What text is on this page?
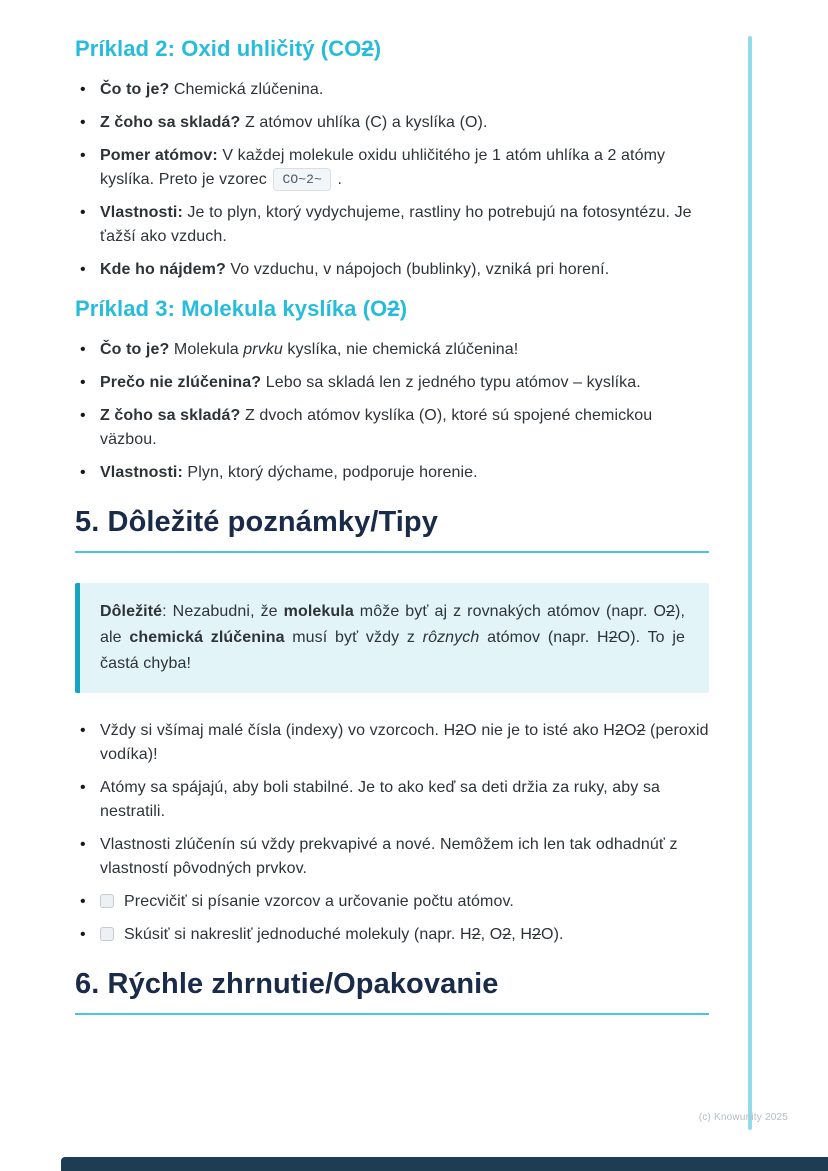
Príklad 2: Oxid uhličitý (CO2)
• Čo to je? Chemická zlúčenina.
• Z čoho sa skladá? Z atómov uhlíka (C) a kyslíka (O).
• Pomer atómov: V každej molekule oxidu uhličitého je 1 atóm uhlíka a 2 atómy kyslíka. Preto je vzorec CO~2~ .
• Vlastnosti: Je to plyn, ktorý vydychujeme, rastliny ho potrebujú na fotosyntézu. Je ťažší ako vzduch.
• Kde ho nájdem? Vo vzduchu, v nápojoch (bublinky), vzniká pri horení.
Príklad 3: Molekula kyslíka (O2)
• Čo to je? Molekula prvku kyslíka, nie chemická zlúčenina!
• Prečo nie zlúčenina? Lebo sa skladá len z jedného typu atómov – kyslíka.
• Z čoho sa skladá? Z dvoch atómov kyslíka (O), ktoré sú spojené chemickou väzbou.
• Vlastnosti: Plyn, ktorý dýchame, podporuje horenie.
5. Dôležité poznámky/Tipy

Dôležité: Nezabudni, že molekula môže byť aj z rovnakých atómov (napr. O2), ale chemická zlúčenina musí byť vždy z rôznych atómov (napr. H2O). To je častá chyba!

• Vždy si všímaj malé čísla (indexy) vo vzorcoch. H2O nie je to isté ako H2O2 (peroxid vodíka)!
• Atómy sa spájajú, aby boli stabilné. Je to ako keď sa deti držia za ruky, aby sa nestratili.
• Vlastnosti zlúčenín sú vždy prekvapivé a nové. Nemôžem ich len tak odhadnúť z vlastností pôvodných prvkov.
• Precvičiť si písanie vzorcov a určovanie počtu atómov.
• Skúsiť si nakresliť jednoduché molekuly (napr. H2, O2, H2O).
6. Rýchle zhrnutie/Opakovanie
(c) Knowunity 2025
